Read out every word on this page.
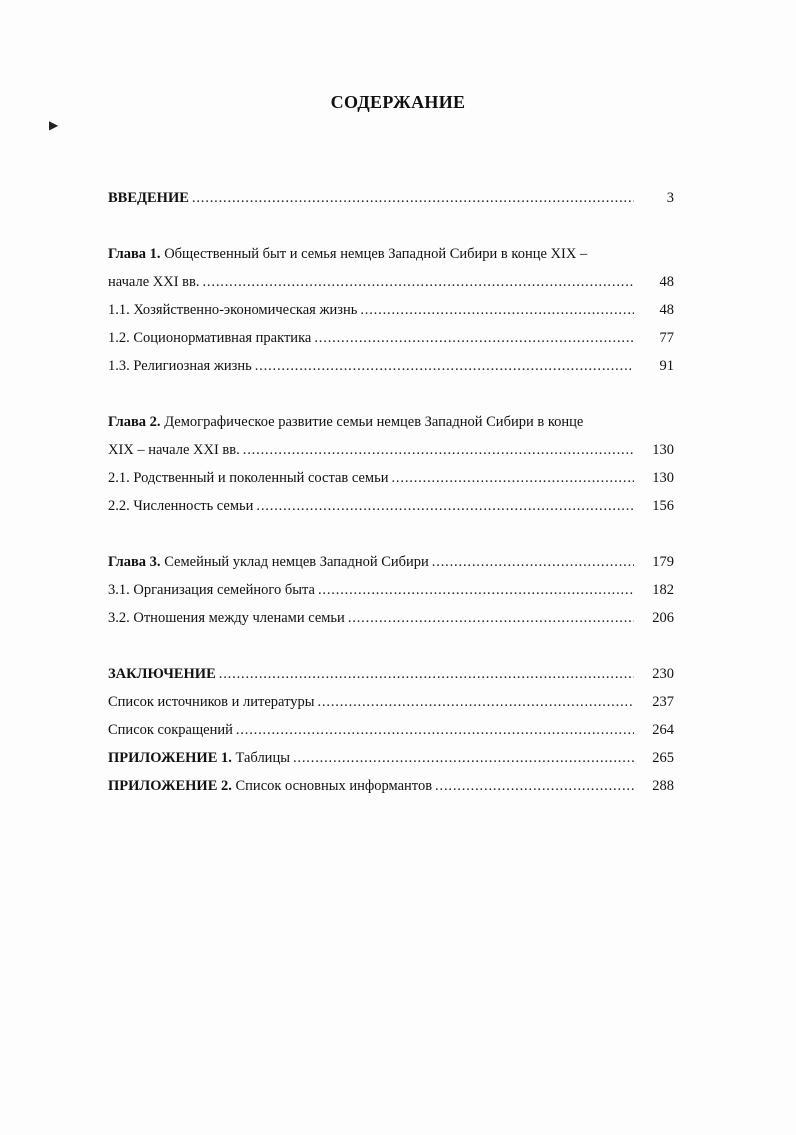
▶
СОДЕРЖАНИЕ
ВВЕДЕНИЕ . . .	3
Глава 1. Общественный быт и семья немцев Западной Сибири в конце XIX –
начале XXI вв. . . .	48
1.1. Хозяйственно-экономическая жизнь . . .	48
1.2. Соционормативная практика . . .	77
1.3. Религиозная жизнь . . .	91
Глава 2. Демографическое развитие семьи немцев Западной Сибири в конце
XIX – начале XXI вв. . . .	130
2.1. Родственный и поколенный состав семьи . . .	130
2.2. Численность семьи . . .	156
Глава 3. Семейный уклад немцев Западной Сибири . . .	179
3.1. Организация семейного быта . . .	182
3.2. Отношения между членами семьи . . .	206
ЗАКЛЮЧЕНИЕ . . .	230
Список источников и литературы . . .	237
Список сокращений . . .	264
ПРИЛОЖЕНИЕ 1. Таблицы . . .	265
ПРИЛОЖЕНИЕ 2. Список основных информантов . . .	288
